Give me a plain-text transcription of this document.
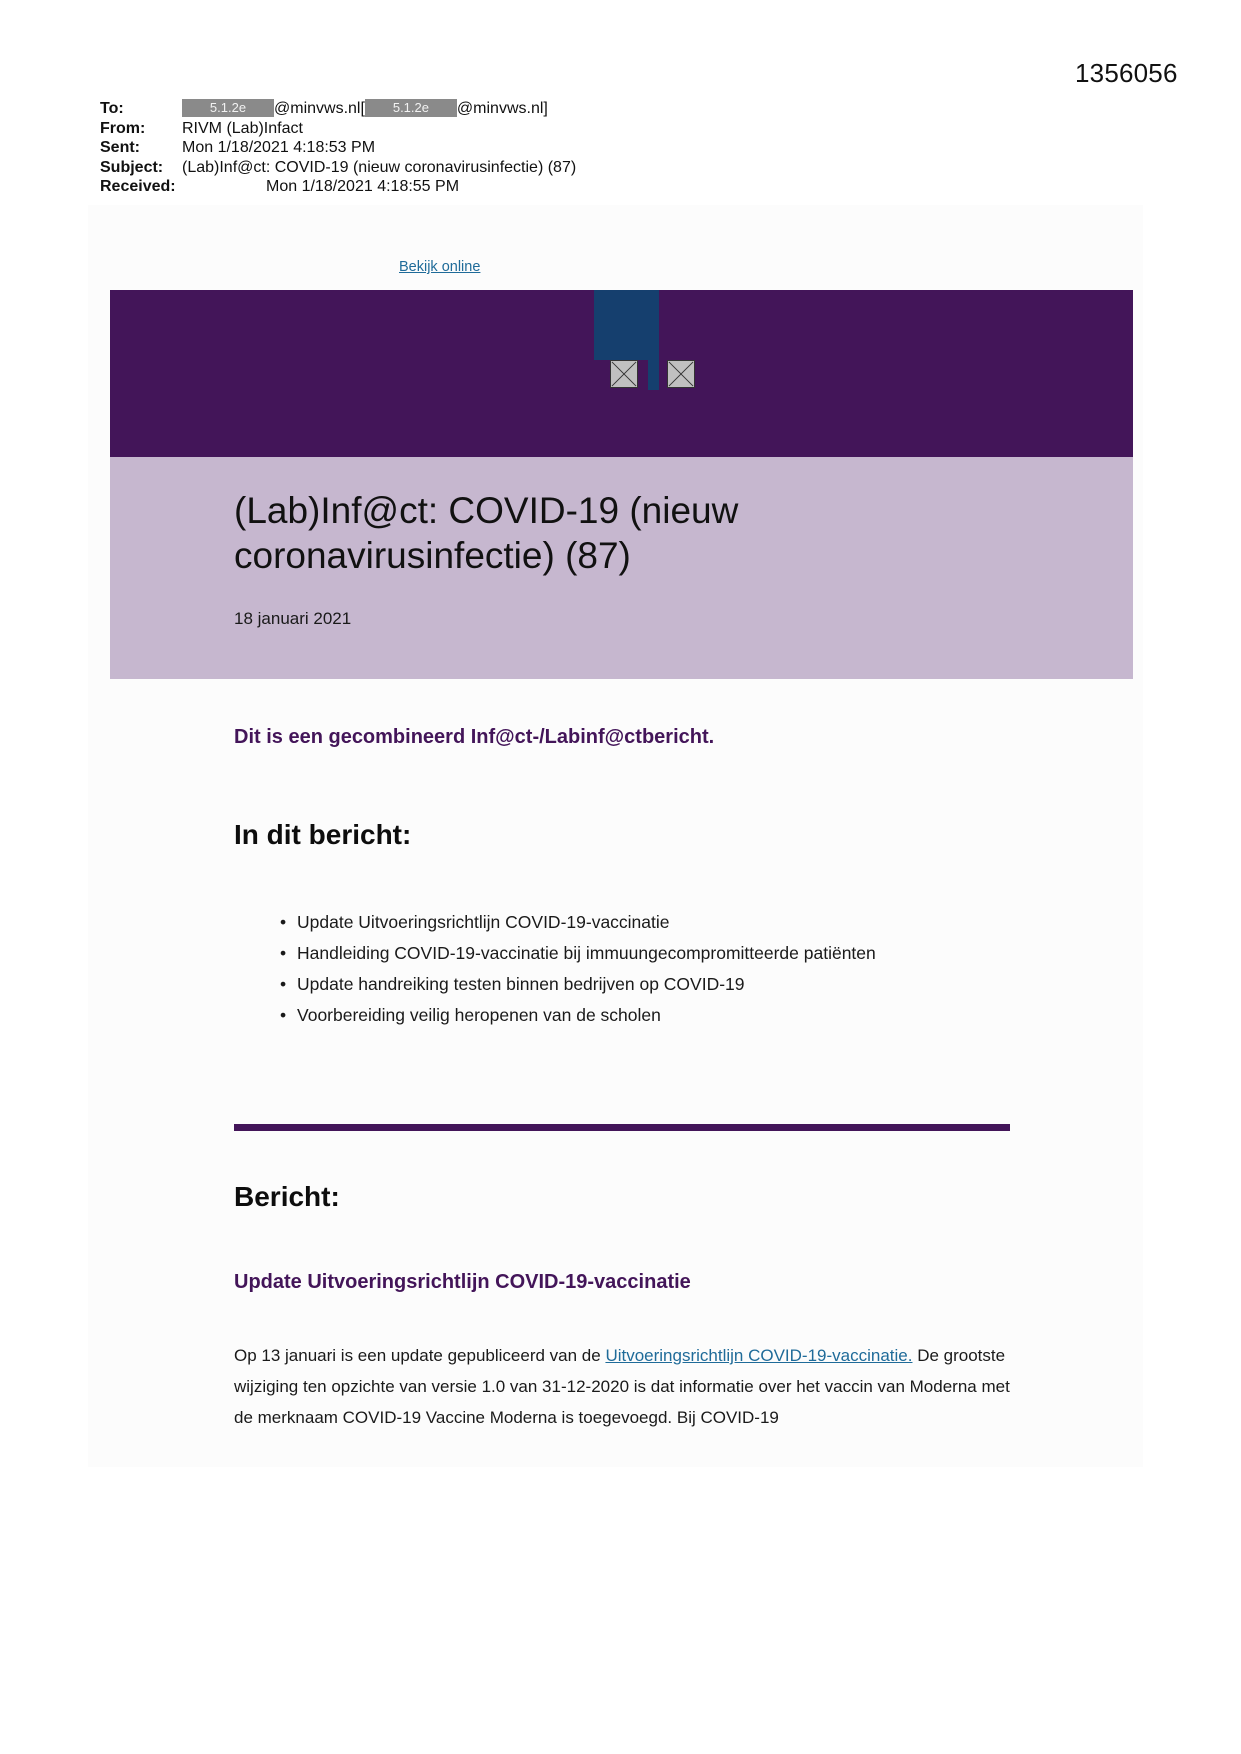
1356056
To:	5.1.2e @minvws.nl[ 5.1.2e @minvws.nl]
From: RIVM (Lab)Infact
Sent:	Mon 1/18/2021 4:18:53 PM
Subject: (Lab)Inf@ct: COVID-19 (nieuw coronavirusinfectie) (87)
Received:	Mon 1/18/2021 4:18:55 PM
Bekijk online
(Lab)Inf@ct: COVID-19 (nieuw coronavirusinfectie) (87)
18 januari 2021
Dit is een gecombineerd Inf@ct-/Labinf@ctbericht.
In dit bericht:
• Update Uitvoeringsrichtlijn COVID-19-vaccinatie
• Handleiding COVID-19-vaccinatie bij immuungecompromitteerde patiënten
• Update handreiking testen binnen bedrijven op COVID-19
• Voorbereiding veilig heropenen van de scholen
Bericht:
Update Uitvoeringsrichtlijn COVID-19-vaccinatie

Op 13 januari is een update gepubliceerd van de Uitvoeringsrichtlijn COVID-19-vaccinatie. De grootste wijziging ten opzichte van versie 1.0 van 31-12-2020 is dat informatie over het vaccin van Moderna met de merknaam COVID-19 Vaccine Moderna is toegevoegd. Bij COVID-19
